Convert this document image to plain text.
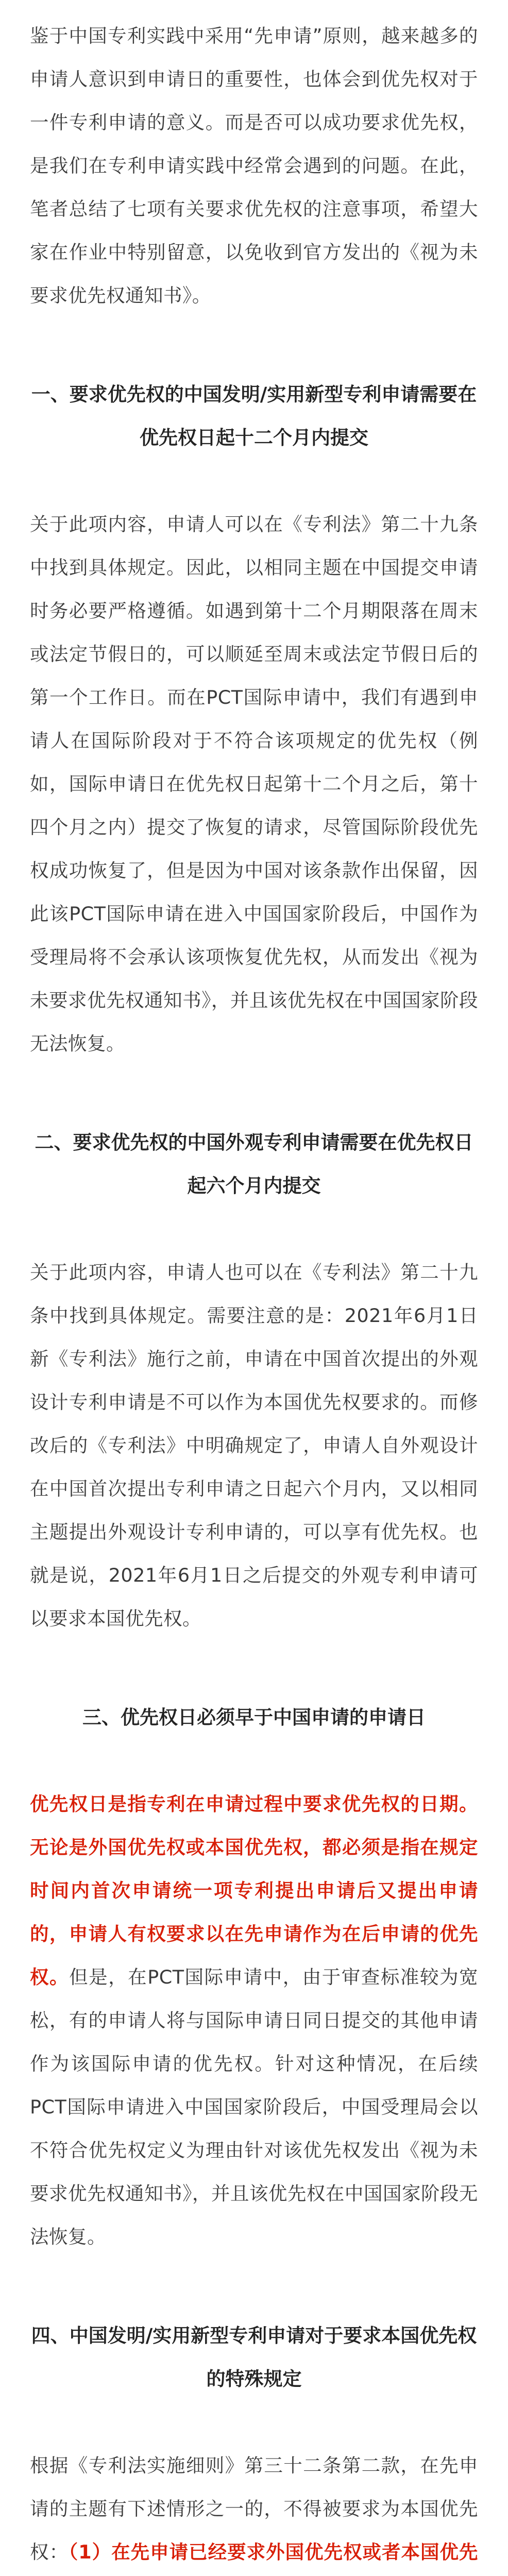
鉴于中国专利实践中采用“先申请”原则，越来越多的申请人意识到申请日的重要性，也体会到优先权对于一件专利申请的意义。而是否可以成功要求优先权，是我们在专利申请实践中经常会遇到的问题。在此，笔者总结了七项有关要求优先权的注意事项，希望大家在作业中特别留意，以免收到官方发出的《视为未要求优先权通知书》。

一、要求优先权的中国发明/实用新型专利申请需要在优先权日起十二个月内提交

关于此项内容，申请人可以在《专利法》第二十九条中找到具体规定。因此，以相同主题在中国提交申请时务必要严格遵循。如遇到第十二个月期限落在周末或法定节假日的，可以顺延至周末或法定节假日后的第一个工作日。而在PCT国际申请中，我们有遇到申请人在国际阶段对于不符合该项规定的优先权（例如，国际申请日在优先权日起第十二个月之后，第十四个月之内）提交了恢复的请求，尽管国际阶段优先权成功恢复了，但是因为中国对该条款作出保留，因此该PCT国际申请在进入中国国家阶段后，中国作为受理局将不会承认该项恢复优先权，从而发出《视为未要求优先权通知书》，并且该优先权在中国国家阶段无法恢复。

二、要求优先权的中国外观专利申请需要在优先权日起六个月内提交

关于此项内容，申请人也可以在《专利法》第二十九条中找到具体规定。需要注意的是：2021年6月1日新《专利法》施行之前，申请在中国首次提出的外观设计专利申请是不可以作为本国优先权要求的。而修改后的《专利法》中明确规定了，申请人自外观设计在中国首次提出专利申请之日起六个月内，又以相同主题提出外观设计专利申请的，可以享有优先权。也就是说，2021年6月1日之后提交的外观专利申请可以要求本国优先权。

三、优先权日必须早于中国申请的申请日

优先权日是指专利在申请过程中要求优先权的日期。无论是外国优先权或本国优先权，都必须是指在规定时间内首次申请统一项专利提出申请后又提出申请的，申请人有权要求以在先申请作为在后申请的优先权。但是，在PCT国际申请中，由于审查标准较为宽松，有的申请人将与国际申请日同日提交的其他申请作为该国际申请的优先权。针对这种情况，在后续PCT国际申请进入中国国家阶段后，中国受理局会以不符合优先权定义为理由针对该优先权发出《视为未要求优先权通知书》，并且该优先权在中国国家阶段无法恢复。

四、中国发明/实用新型专利申请对于要求本国优先权的特殊规定

根据《专利法实施细则》第三十二条第二款，在先申请的主题有下述情形之一的，不得被要求为本国优先权：（1）在先申请已经要求外国优先权或者本国优先
